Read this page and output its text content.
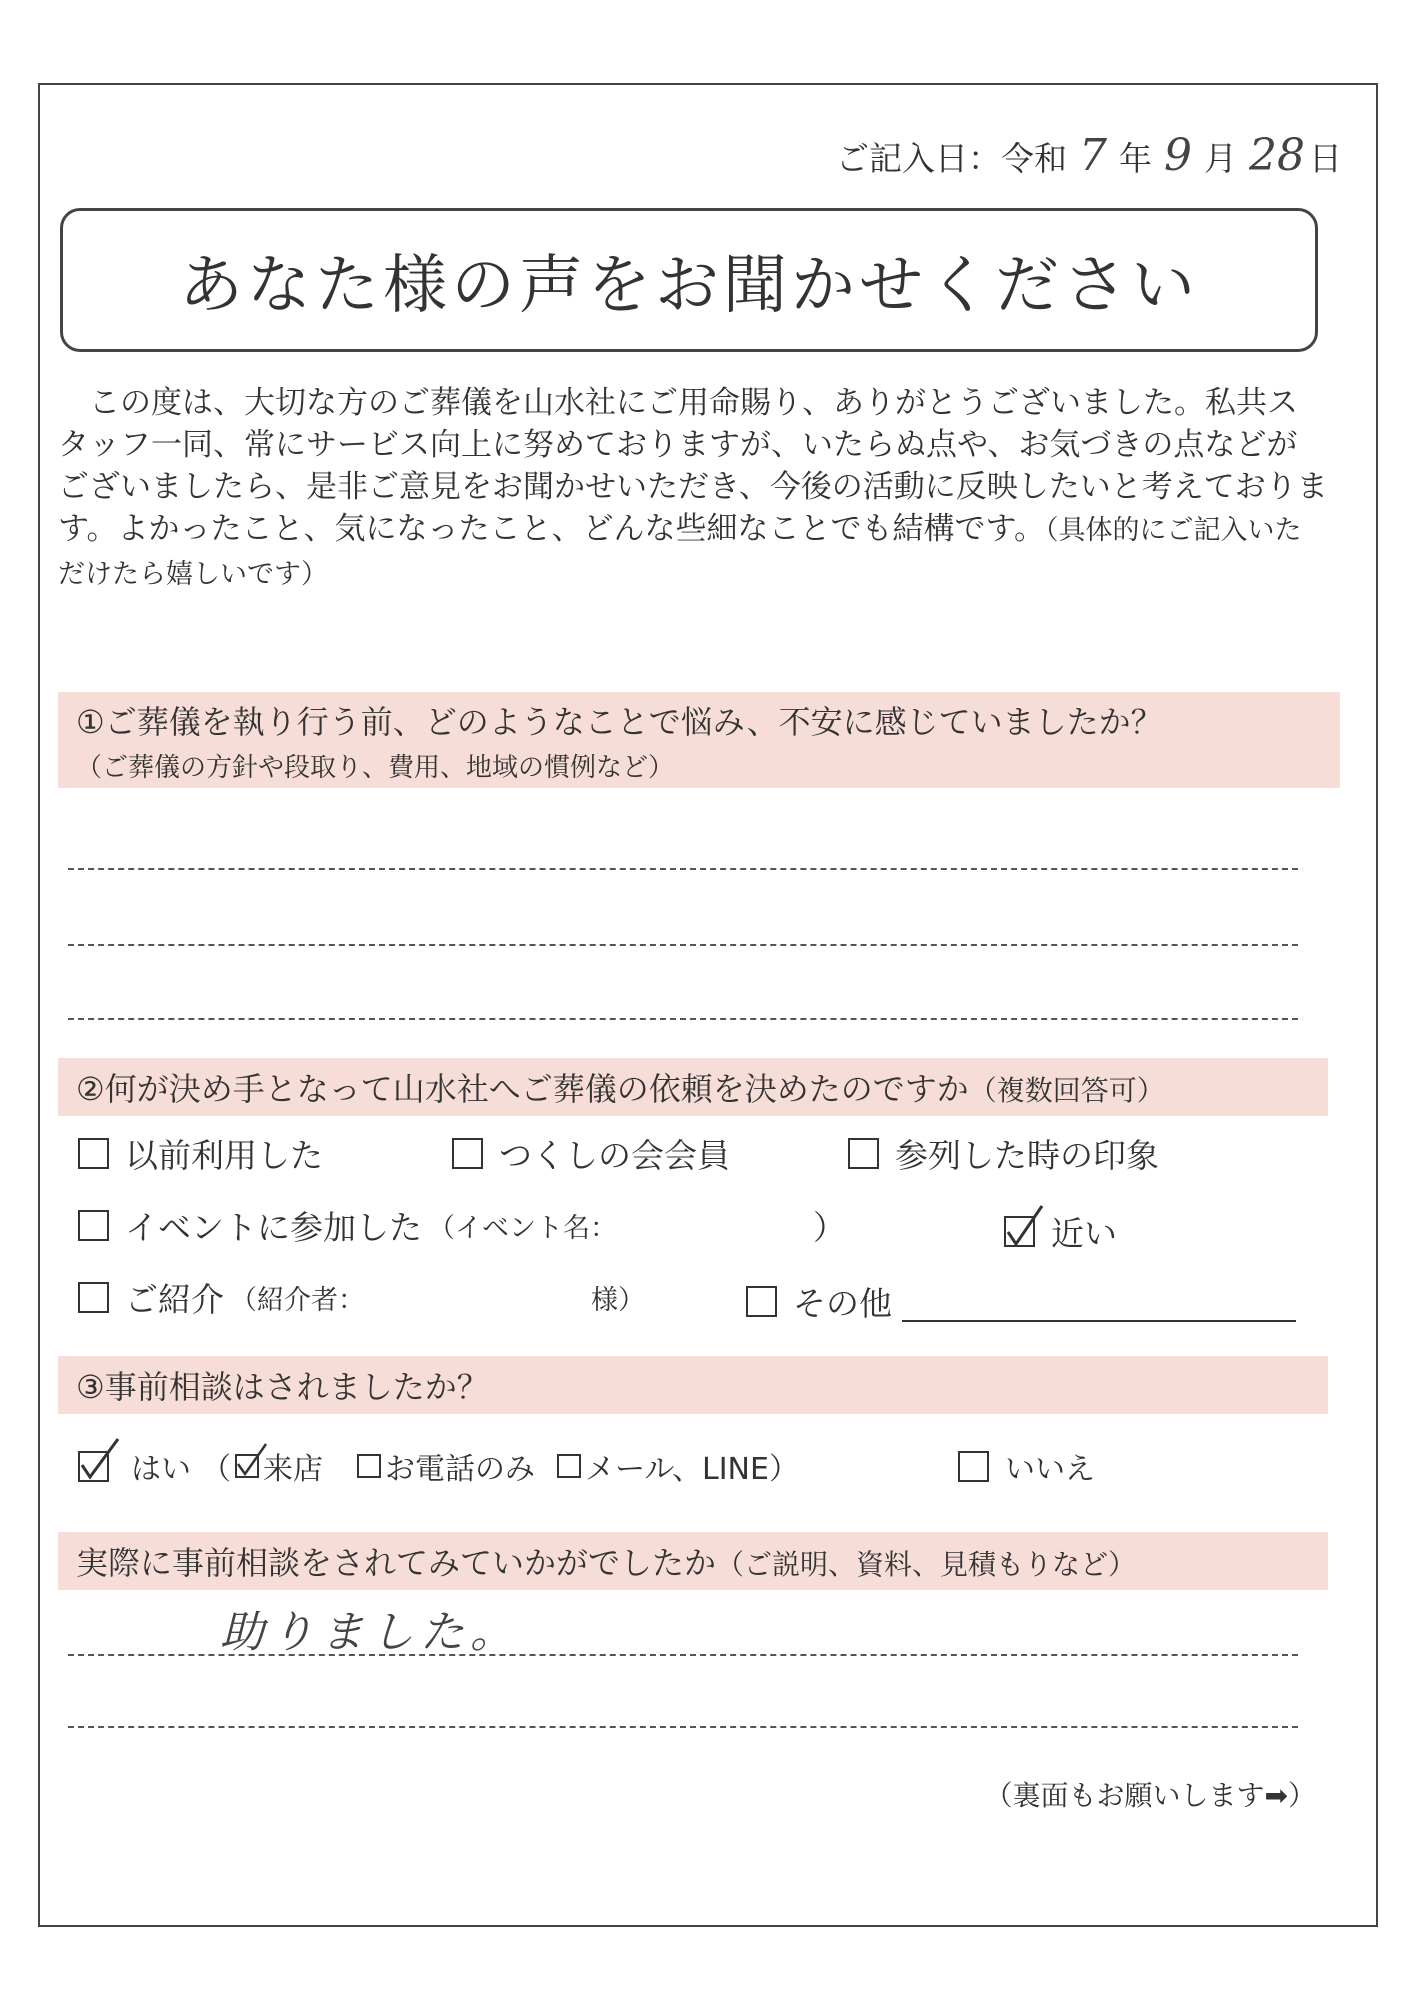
ご記入日：令和 7 年 9 月 28 日
あなた様の声をお聞かせください

この度は、大切な方のご葬儀を山水社にご用命賜り、ありがとうございました。私共スタッフ一同、常にサービス向上に努めておりますが、いたらぬ点や、お気づきの点などがございましたら、是非ご意見をお聞かせいただき、今後の活動に反映したいと考えております。よかったこと、気になったこと、どんな些細なことでも結構です。（具体的にご記入いただけたら嬉しいです）

①ご葬儀を執り行う前、どのようなことで悩み、不安に感じていましたか？
（ご葬儀の方針や段取り、費用、地域の慣例など）
②何が決め手となって山水社へご葬儀の依頼を決めたのですか（複数回答可）
以前利用した	つくしの会会員	参列した時の印象
イベントに参加した （イベント名：	）	近い
ご紹介 （紹介者：	様）	その他
③事前相談はされましたか？
はい （ 来店 お電話のみ メール、LINE）	いいえ
実際に事前相談をされてみていかがでしたか（ご説明、資料、見積もりなど）
助りました。
（裏面もお願いします➡）
